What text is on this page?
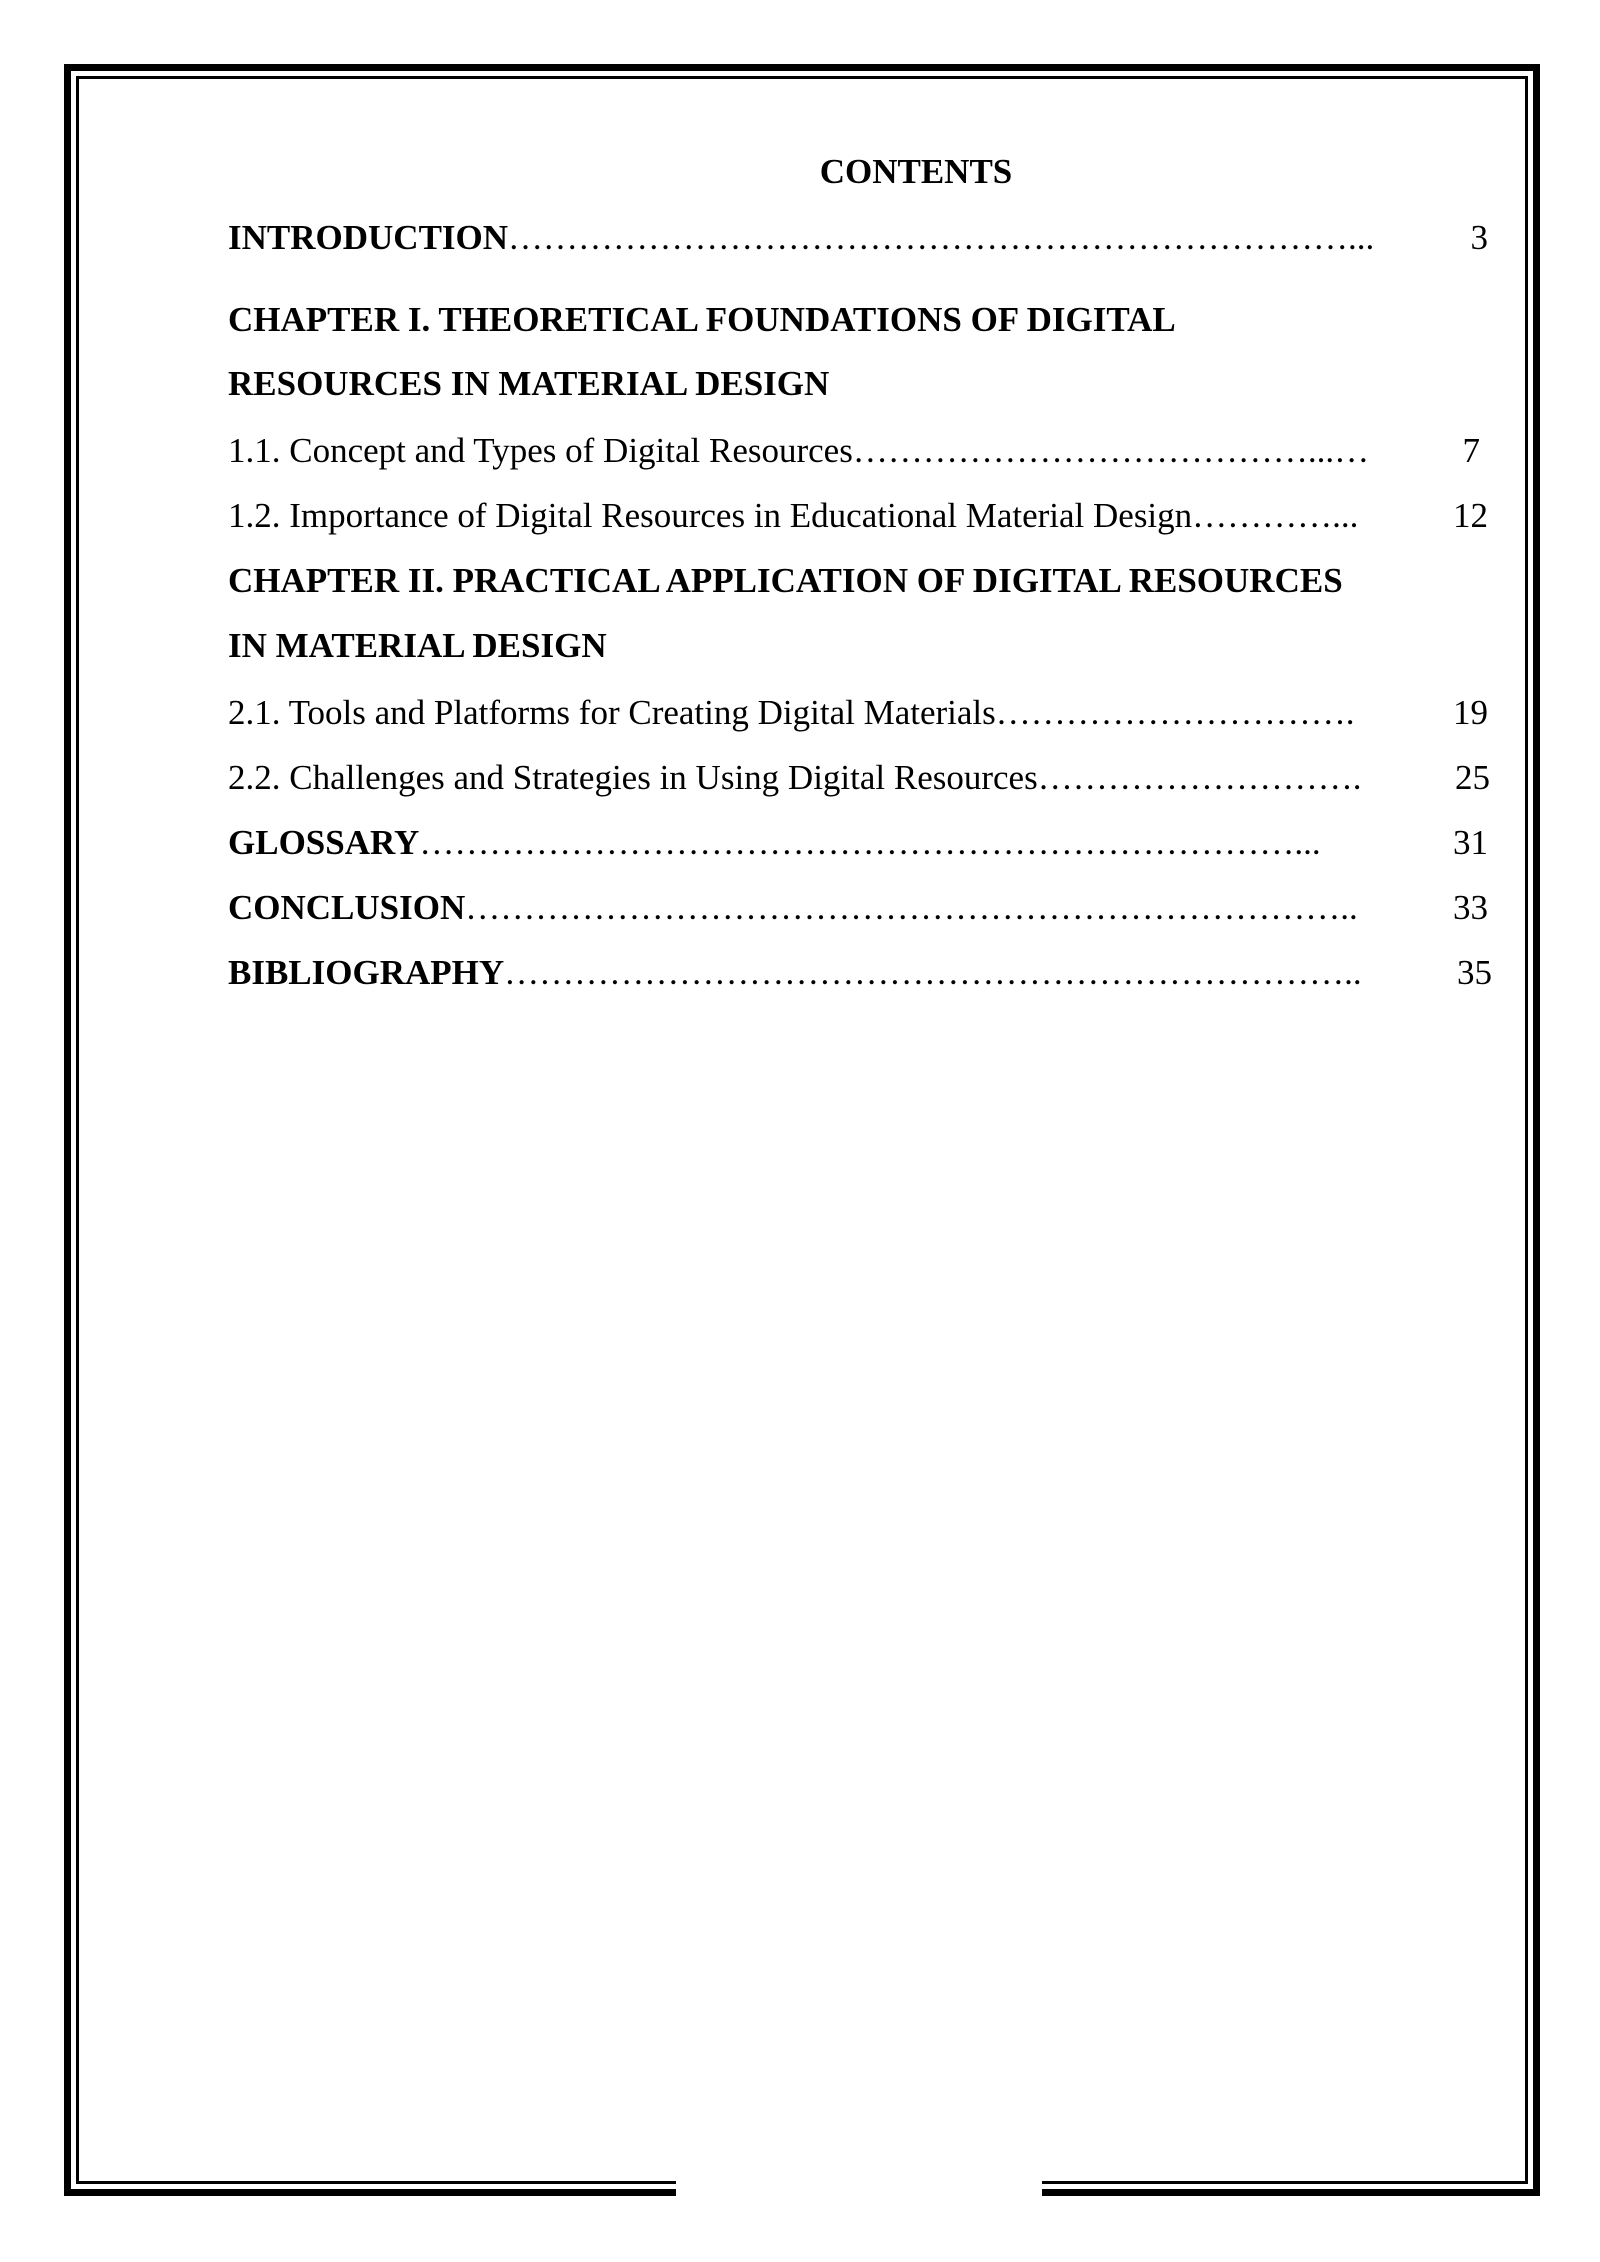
CONTENTS
INTRODUCTION ………………………………………………………………...	3
CHAPTER I. THEORETICAL FOUNDATIONS OF DIGITAL
RESOURCES IN MATERIAL DESIGN
1.1. Concept and Types of Digital Resources …………………………………...…	7
1.2. Importance of Digital Resources in Educational Material Design …………...	12
CHAPTER II. PRACTICAL APPLICATION OF DIGITAL RESOURCES
IN MATERIAL DESIGN
2.1. Tools and Platforms for Creating Digital Materials ………………………….	19
2.2. Challenges and Strategies in Using Digital Resources ……………………….	25
GLOSSARY …………………………………………………………………...	31
CONCLUSION …………………………………………………………………..	33
BIBLIOGRAPHY ………………………………………………………………..	35
